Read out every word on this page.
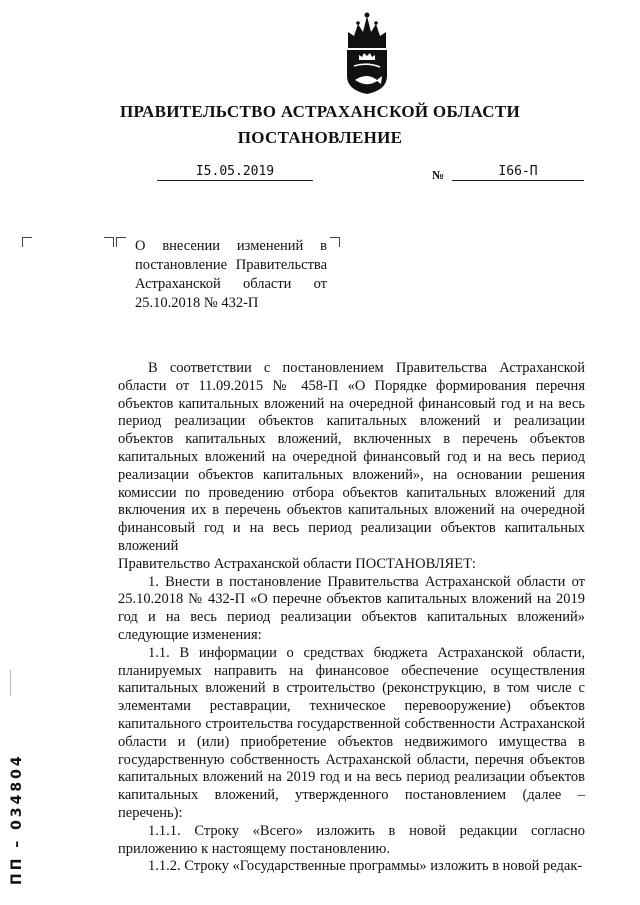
ПРАВИТЕЛЬСТВО АСТРАХАНСКОЙ ОБЛАСТИ
ПОСТАНОВЛЕНИЕ
I5.05.2019	№	I66-П
О внесении изменений в постановление Правительства Астраханской области от 25.10.2018 № 432-П

В соответствии с постановлением Правительства Астраханской области от 11.09.2015 № 458-П «О Порядке формирования перечня объектов капитальных вложений на очередной финансовый год и на весь период реализации объектов капитальных вложений и реализации объектов капитальных вложений, включенных в перечень объектов капитальных вложений на очередной финансовый год и на весь период реализации объектов капитальных вложений», на основании решения комиссии по проведению отбора объектов капитальных вложений для включения их в перечень объектов капитальных вложений на очередной финансовый год и на весь период реализации объектов капитальных вложений

Правительство Астраханской области ПОСТАНОВЛЯЕТ:

1. Внести в постановление Правительства Астраханской области от 25.10.2018 № 432-П «О перечне объектов капитальных вложений на 2019 год и на весь период реализации объектов капитальных вложений» следующие изменения:

1.1. В информации о средствах бюджета Астраханской области, планируемых направить на финансовое обеспечение осуществления капитальных вложений в строительство (реконструкцию, в том числе с элементами реставрации, техническое перевооружение) объектов капитального строительства государственной собственности Астраханской области и (или) приобретение объектов недвижимого имущества в государственную собственность Астраханской области, перечня объектов капитальных вложений на 2019 год и на весь период реализации объектов капитальных вложений, утвержденного постановлением (далее – перечень):

1.1.1. Строку «Всего» изложить в новой редакции согласно приложению к настоящему постановлению.

1.1.2. Строку «Государственные программы» изложить в новой редак-

ПП – 034804
